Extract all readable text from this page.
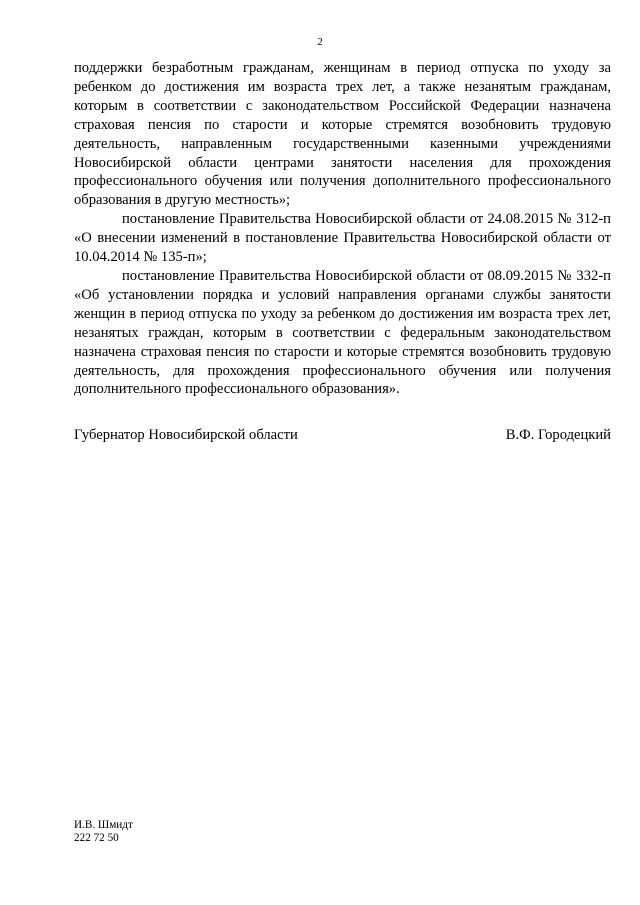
2

поддержки безработным гражданам, женщинам в период отпуска по уходу за ребенком до достижения им возраста трех лет, а также незанятым гражданам, которым в соответствии с законодательством Российской Федерации назначена страховая пенсия по старости и которые стремятся возобновить трудовую деятельность, направленным государственными казенными учреждениями Новосибирской области центрами занятости населения для прохождения профессионального обучения или получения дополнительного профессионального образования в другую местность»;

постановление Правительства Новосибирской области от 24.08.2015 № 312-п «О внесении изменений в постановление Правительства Новосибирской области от 10.04.2014 № 135-п»;

постановление Правительства Новосибирской области от 08.09.2015 № 332-п «Об установлении порядка и условий направления органами службы занятости женщин в период отпуска по уходу за ребенком до достижения им возраста трех лет, незанятых граждан, которым в соответствии с федеральным законодательством назначена страховая пенсия по старости и которые стремятся возобновить трудовую деятельность, для прохождения профессионального обучения или получения дополнительного профессионального образования».

Губернатор Новосибирской области	В.Ф. Городецкий
И.В. Шмидт
222 72 50
